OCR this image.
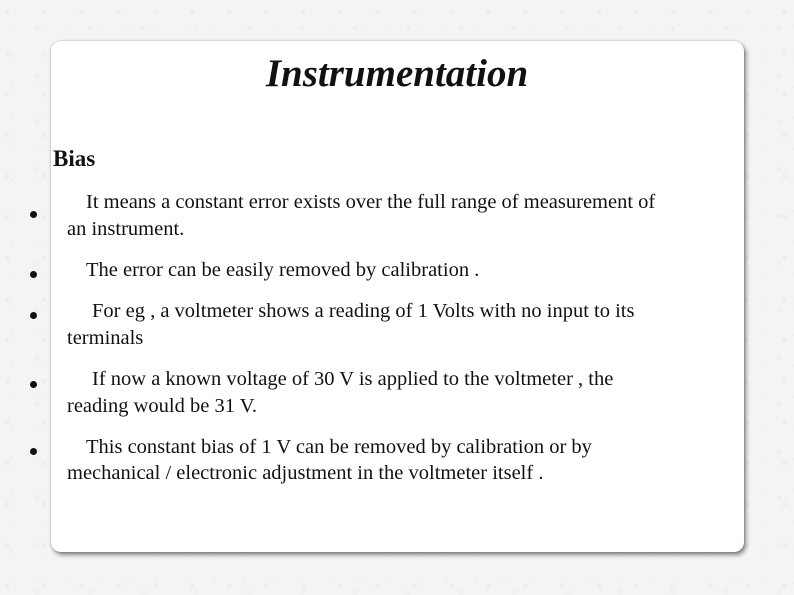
Instrumentation
Bias
It means a constant error exists over the full range of measurement of
an instrument.
The error can be easily removed by calibration .
For eg , a voltmeter shows a reading of 1 Volts with no input to its
terminals
If now a known voltage of 30 V is applied to the voltmeter , the
reading would be 31 V.
This constant bias of 1 V can be removed by calibration or by
mechanical / electronic adjustment in the voltmeter itself .
